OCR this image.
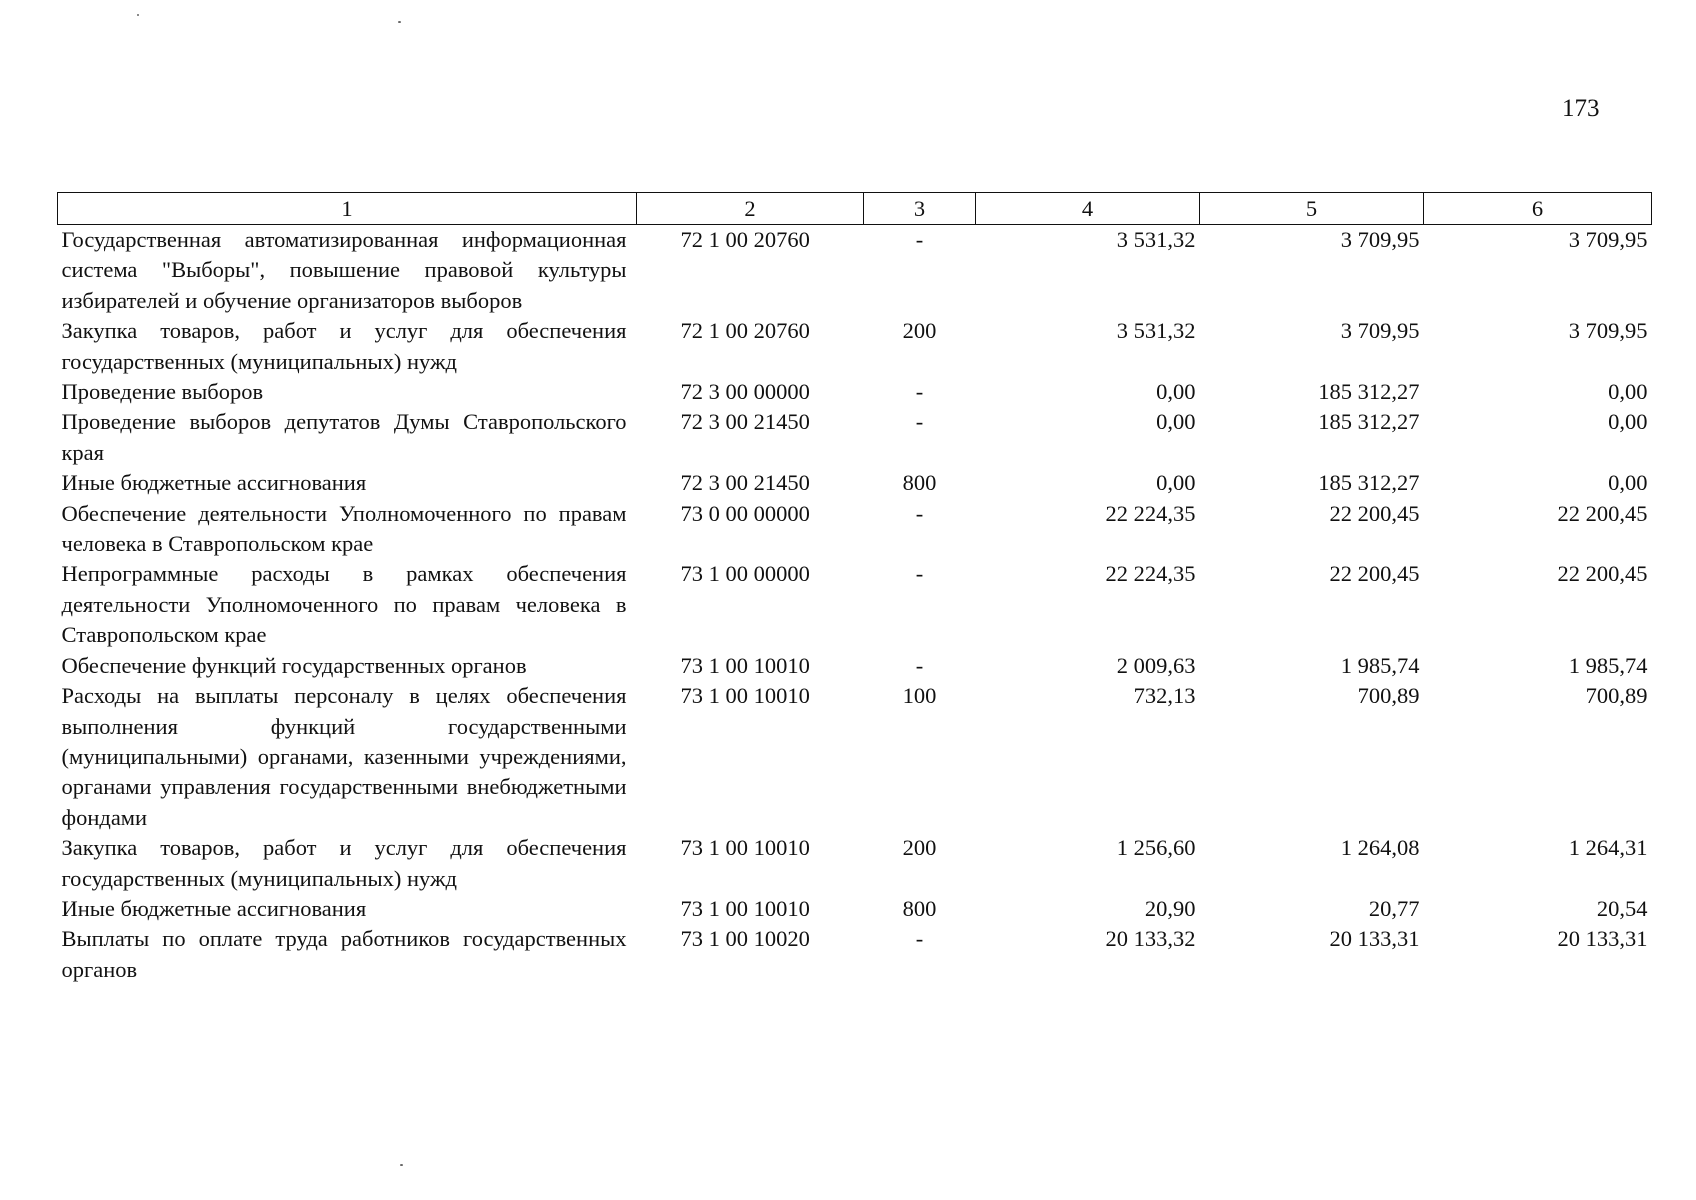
173
1	2	3	4	5	6
Государственная автоматизированная информационная система "Выборы", повышение правовой культуры избирателей и обучение организаторов выборов	72 1 00 20760	-	3 531,32	3 709,95	3 709,95
Закупка товаров, работ и услуг для обеспечения государственных (муниципальных) нужд	72 1 00 20760	200	3 531,32	3 709,95	3 709,95
Проведение выборов	72 3 00 00000	-	0,00	185 312,27	0,00
Проведение выборов депутатов Думы Ставропольского края	72 3 00 21450	-	0,00	185 312,27	0,00
Иные бюджетные ассигнования	72 3 00 21450	800	0,00	185 312,27	0,00
Обеспечение деятельности Уполномоченного по правам человека в Ставропольском крае	73 0 00 00000	-	22 224,35	22 200,45	22 200,45
Непрограммные расходы в рамках обеспечения деятельности Уполномоченного по правам человека в Ставропольском крае	73 1 00 00000	-	22 224,35	22 200,45	22 200,45
Обеспечение функций государственных органов	73 1 00 10010	-	2 009,63	1 985,74	1 985,74
Расходы на выплаты персоналу в целях обеспечения выполнения функций государственными (муниципальными) органами, казенными учреждениями, органами управления государственными внебюджетными фондами	73 1 00 10010	100	732,13	700,89	700,89
Закупка товаров, работ и услуг для обеспечения государственных (муниципальных) нужд	73 1 00 10010	200	1 256,60	1 264,08	1 264,31
Иные бюджетные ассигнования	73 1 00 10010	800	20,90	20,77	20,54
Выплаты по оплате труда работников государственных органов	73 1 00 10020	-	20 133,32	20 133,31	20 133,31
